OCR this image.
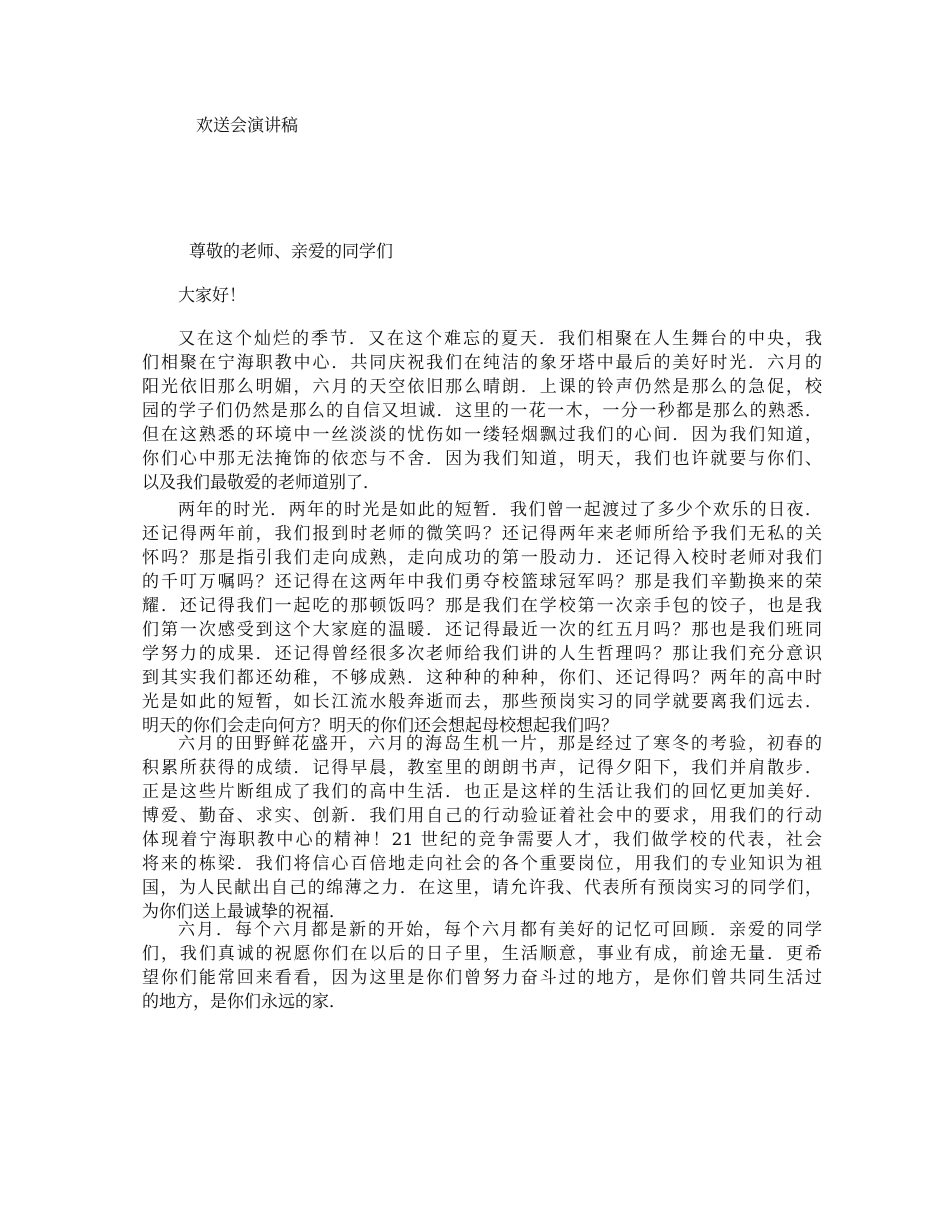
欢送会演讲稿
尊敬的老师、亲爱的同学们
大家好！
又在这个灿烂的季节．又在这个难忘的夏天．我们相聚在人生舞台的中央，我
们相聚在宁海职教中心．共同庆祝我们在纯洁的象牙塔中最后的美好时光．六月的
阳光依旧那么明媚，六月的天空依旧那么晴朗．上课的铃声仍然是那么的急促，校
园的学子们仍然是那么的自信又坦诚．这里的一花一木，一分一秒都是那么的熟悉．
但在这熟悉的环境中一丝淡淡的忧伤如一缕轻烟飘过我们的心间．因为我们知道，
你们心中那无法掩饰的依恋与不舍．因为我们知道，明天，我们也许就要与你们、
以及我们最敬爱的老师道别了．
两年的时光．两年的时光是如此的短暂．我们曾一起渡过了多少个欢乐的日夜．
还记得两年前，我们报到时老师的微笑吗？还记得两年来老师所给予我们无私的关
怀吗？那是指引我们走向成熟，走向成功的第一股动力．还记得入校时老师对我们
的千叮万嘱吗？还记得在这两年中我们勇夺校篮球冠军吗？那是我们辛勤换来的荣
耀．还记得我们一起吃的那顿饭吗？那是我们在学校第一次亲手包的饺子，也是我
们第一次感受到这个大家庭的温暖．还记得最近一次的红五月吗？那也是我们班同
学努力的成果．还记得曾经很多次老师给我们讲的人生哲理吗？那让我们充分意识
到其实我们都还幼稚，不够成熟．这种种的种种，你们、还记得吗？两年的高中时
光是如此的短暂，如长江流水般奔逝而去，那些预岗实习的同学就要离我们远去．
明天的你们会走向何方？明天的你们还会想起母校想起我们吗？
六月的田野鲜花盛开，六月的海岛生机一片，那是经过了寒冬的考验，初春的
积累所获得的成绩．记得早晨，教室里的朗朗书声，记得夕阳下，我们并肩散步．
正是这些片断组成了我们的高中生活．也正是这样的生活让我们的回忆更加美好．
博爱、勤奋、求实、创新．我们用自己的行动验证着社会中的要求，用我们的行动
体现着宁海职教中心的精神！21 世纪的竞争需要人才，我们做学校的代表，社会
将来的栋梁．我们将信心百倍地走向社会的各个重要岗位，用我们的专业知识为祖
国，为人民献出自己的绵薄之力．在这里，请允许我、代表所有预岗实习的同学们，
为你们送上最诚挚的祝福．
六月．每个六月都是新的开始，每个六月都有美好的记忆可回顾．亲爱的同学
们，我们真诚的祝愿你们在以后的日子里，生活顺意，事业有成，前途无量．更希
望你们能常回来看看，因为这里是你们曾努力奋斗过的地方，是你们曾共同生活过
的地方，是你们永远的家．
